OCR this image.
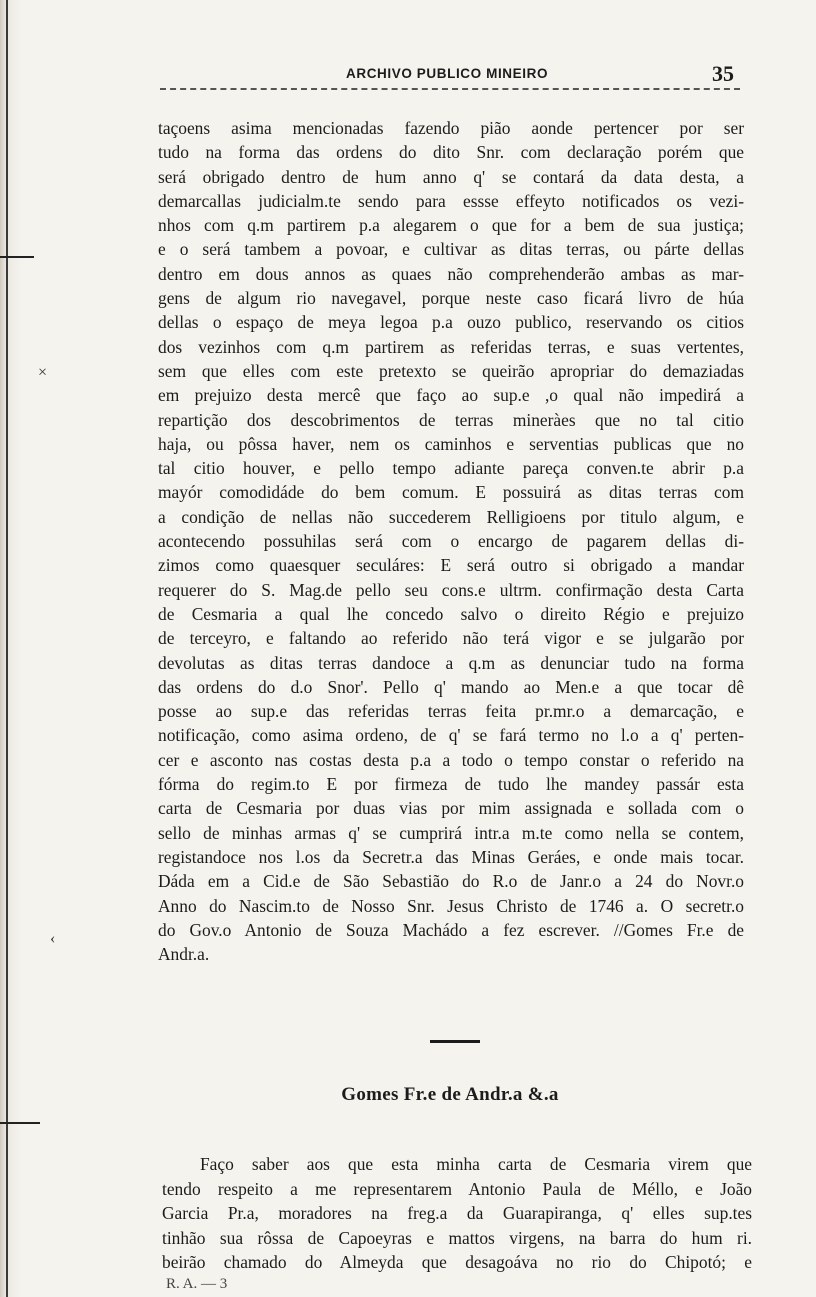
×
‹
ARCHIVO PUBLICO MINEIRO	35
taçoens asima mencionadas fazendo pião aonde pertencer por ser
tudo na forma das ordens do dito Snr. com declaração porém que
será obrigado dentro de hum anno q' se contará da data desta, a
demarcallas judicialm.te sendo para essse effeyto notificados os vezi-
nhos com q.m partirem p.a alegarem o que for a bem de sua justiça;
e o será tambem a povoar, e cultivar as ditas terras, ou párte dellas
dentro em dous annos as quaes não comprehenderão ambas as mar-
gens de algum rio navegavel, porque neste caso ficará livro de húa
dellas o espaço de meya legoa p.a ouzo publico, reservando os citios
dos vezinhos com q.m partirem as referidas terras, e suas vertentes,
sem que elles com este pretexto se queirão apropriar do demaziadas
em prejuizo desta mercê que faço ao sup.e ,o qual não impedirá a
repartição dos descobrimentos de terras mineràes que no tal citio
haja, ou pôssa haver, nem os caminhos e serventias publicas que no
tal citio houver, e pello tempo adiante pareça conven.te abrir p.a
mayór comodidáde do bem comum. E possuirá as ditas terras com
a condição de nellas não succederem Relligioens por titulo algum, e
acontecendo possuhilas será com o encargo de pagarem dellas di-
zimos como quaesquer seculáres: E será outro si obrigado a mandar
requerer do S. Mag.de pello seu cons.e ultrm. confirmação desta Carta
de Cesmaria a qual lhe concedo salvo o direito Régio e prejuizo
de terceyro, e faltando ao referido não terá vigor e se julgarão por
devolutas as ditas terras dandoce a q.m as denunciar tudo na forma
das ordens do d.o Snor'. Pello q' mando ao Men.e a que tocar dê
posse ao sup.e das referidas terras feita pr.mr.o a demarcação, e
notificação, como asima ordeno, de q' se fará termo no l.o a q' perten-
cer e asconto nas costas desta p.a a todo o tempo constar o referido na
fórma do regim.to E por firmeza de tudo lhe mandey passár esta
carta de Cesmaria por duas vias por mim assignada e sollada com o
sello de minhas armas q' se cumprirá intr.a m.te como nella se contem,
registandoce nos l.os da Secretr.a das Minas Geráes, e onde mais tocar.
Dáda em a Cid.e de São Sebastião do R.o de Janr.o a 24 do Novr.o
Anno do Nascim.to de Nosso Snr. Jesus Christo de 1746 a. O secretr.o
do Gov.o Antonio de Souza Machádo a fez escrever. //Gomes Fr.e de
Andr.a.
Gomes Fr.e de Andr.a &.a
Faço saber aos que esta minha carta de Cesmaria virem que
tendo respeito a me representarem Antonio Paula de Méllo, e João
Garcia Pr.a, moradores na freg.a da Guarapiranga, q' elles sup.tes
tinhão sua rôssa de Capoeyras e mattos virgens, na barra do hum ri.
beirão chamado do Almeyda que desagoáva no rio do Chipotó; e
R. A. — 3
